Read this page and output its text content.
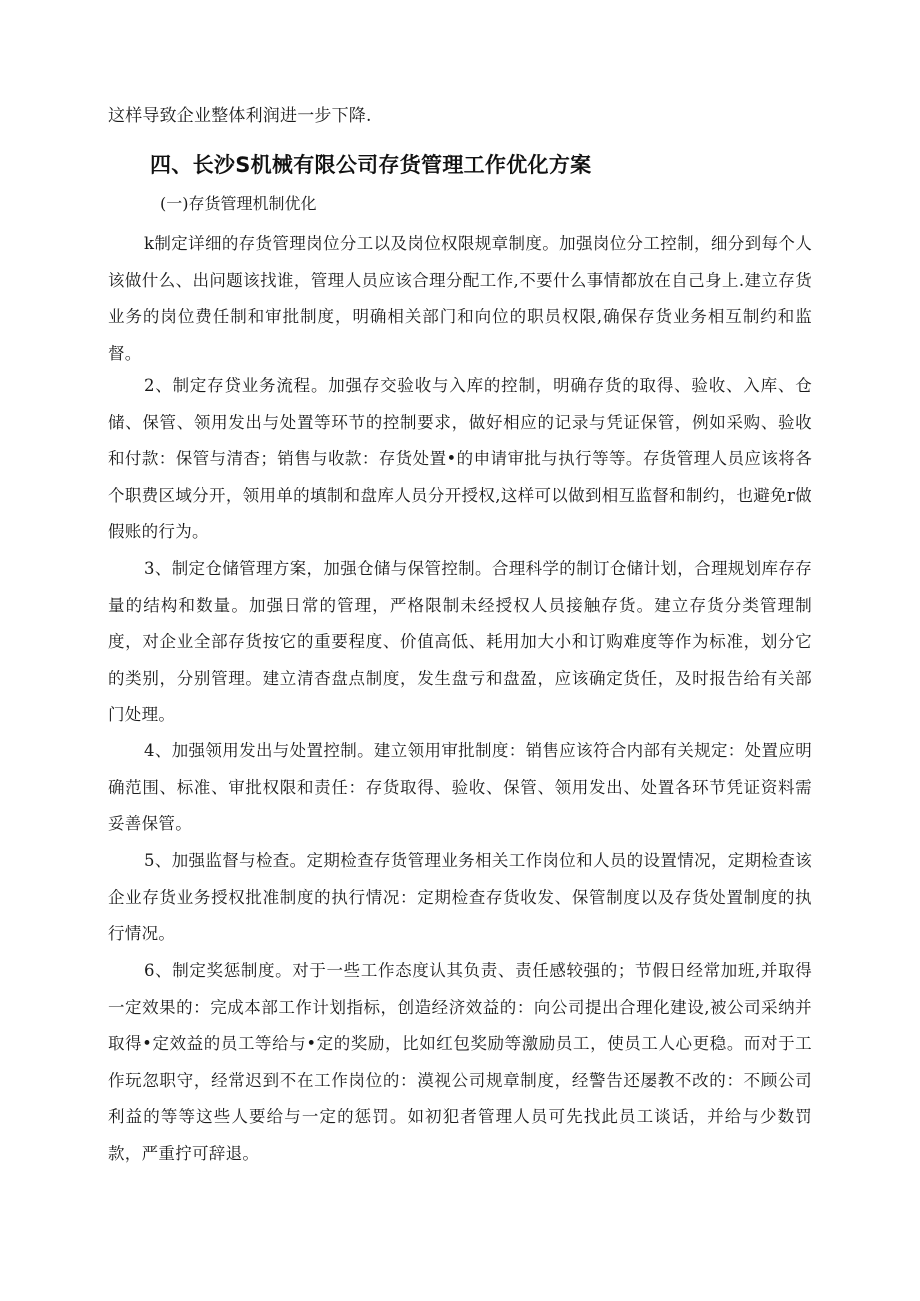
这样导致企业整体利润进一步下降.
四、长沙S机械有限公司存货管理工作优化方案
(一)存货管理机制优化

k制定详细的存货管理岗位分工以及岗位权限规章制度。加强岗位分工控制，细分到每个人该做什么、出问题该找谁，管理人员应该合理分配工作,不要什么事情都放在自己身上.建立存货业务的岗位费任制和审批制度，明确相关部门和向位的职员权限,确保存货业务相互制约和监督。

2、制定存贷业务流程。加强存交验收与入库的控制，明确存货的取得、验收、入库、仓储、保管、领用发出与处置等环节的控制要求，做好相应的记录与凭证保管，例如采购、验收和付款：保管与清杳；销售与收款：存货处置•的申请审批与执行等等。存货管理人员应该将各个职费区域分开，领用单的填制和盘库人员分开授权,这样可以做到相互监督和制约，也避免r做假账的行为。

3、制定仓储管理方案，加强仓储与保管控制。合理科学的制订仓储计划，合理规划库存存量的结构和数量。加强日常的管理，严格限制未经授权人员接触存货。建立存货分类管理制度，对企业全部存货按它的重要程度、价值高低、耗用加大小和订购难度等作为标准，划分它的类别，分别管理。建立清杳盘点制度，发生盘亏和盘盈，应该确定货任，及时报告给有关部门处理。

4、加强领用发出与处置控制。建立领用审批制度：销售应该符合内部有关规定：处置应明确范围、标准、审批权限和责任：存货取得、验收、保管、领用发出、处置各环节凭证资料需妥善保管。

5、加强监督与检查。定期检查存货管理业务相关工作岗位和人员的设置情况，定期检查该企业存货业务授权批准制度的执行情况：定期检查存货收发、保管制度以及存货处置制度的执行情况。

6、制定奖惩制度。对于一些工作态度认其负责、责任感较强的；节假日经常加班,并取得一定效果的：完成本部工作计划指标，创造经济效益的：向公司提出合理化建设,被公司采纳并取得•定效益的员工等给与•定的奖励，比如红包奖励等激励员工，使员工人心更稳。而对于工作玩忽职守，经常迟到不在工作岗位的：漠视公司规章制度，经警告还屡教不改的：不顾公司利益的等等这些人要给与一定的惩罚。如初犯者管理人员可先找此员工谈话，并给与少数罚款，严重拧可辞退。
